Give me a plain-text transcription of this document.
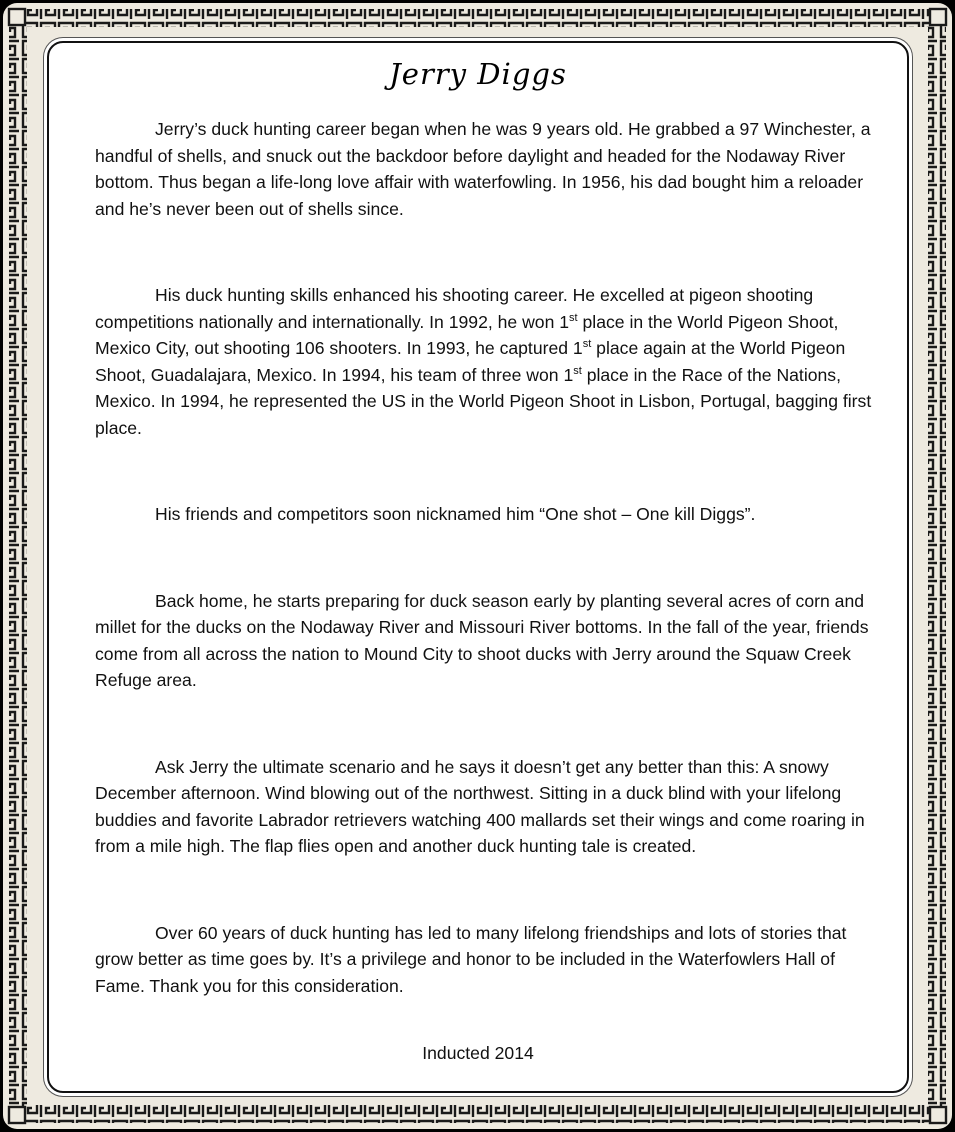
Jerry Diggs

Jerry’s duck hunting career began when he was 9 years old. He grabbed a 97 Winchester, a handful of shells, and snuck out the backdoor before daylight and headed for the Nodaway River bottom. Thus began a life-long love affair with waterfowling. In 1956, his dad bought him a reloader and he’s never been out of shells since.

His duck hunting skills enhanced his shooting career. He excelled at pigeon shooting competitions nationally and internationally. In 1992, he won 1st place in the World Pigeon Shoot, Mexico City, out shooting 106 shooters. In 1993, he captured 1st place again at the World Pigeon Shoot, Guadalajara, Mexico. In 1994, his team of three won 1st place in the Race of the Nations, Mexico. In 1994, he represented the US in the World Pigeon Shoot in Lisbon, Portugal, bagging first place.

His friends and competitors soon nicknamed him “One shot – One kill Diggs”.

Back home, he starts preparing for duck season early by planting several acres of corn and millet for the ducks on the Nodaway River and Missouri River bottoms. In the fall of the year, friends come from all across the nation to Mound City to shoot ducks with Jerry around the Squaw Creek Refuge area.

Ask Jerry the ultimate scenario and he says it doesn’t get any better than this: A snowy December afternoon. Wind blowing out of the northwest. Sitting in a duck blind with your lifelong buddies and favorite Labrador retrievers watching 400 mallards set their wings and come roaring in from a mile high. The flap flies open and another duck hunting tale is created.

Over 60 years of duck hunting has led to many lifelong friendships and lots of stories that grow better as time goes by. It’s a privilege and honor to be included in the Waterfowlers Hall of Fame. Thank you for this consideration.

Inducted 2014
